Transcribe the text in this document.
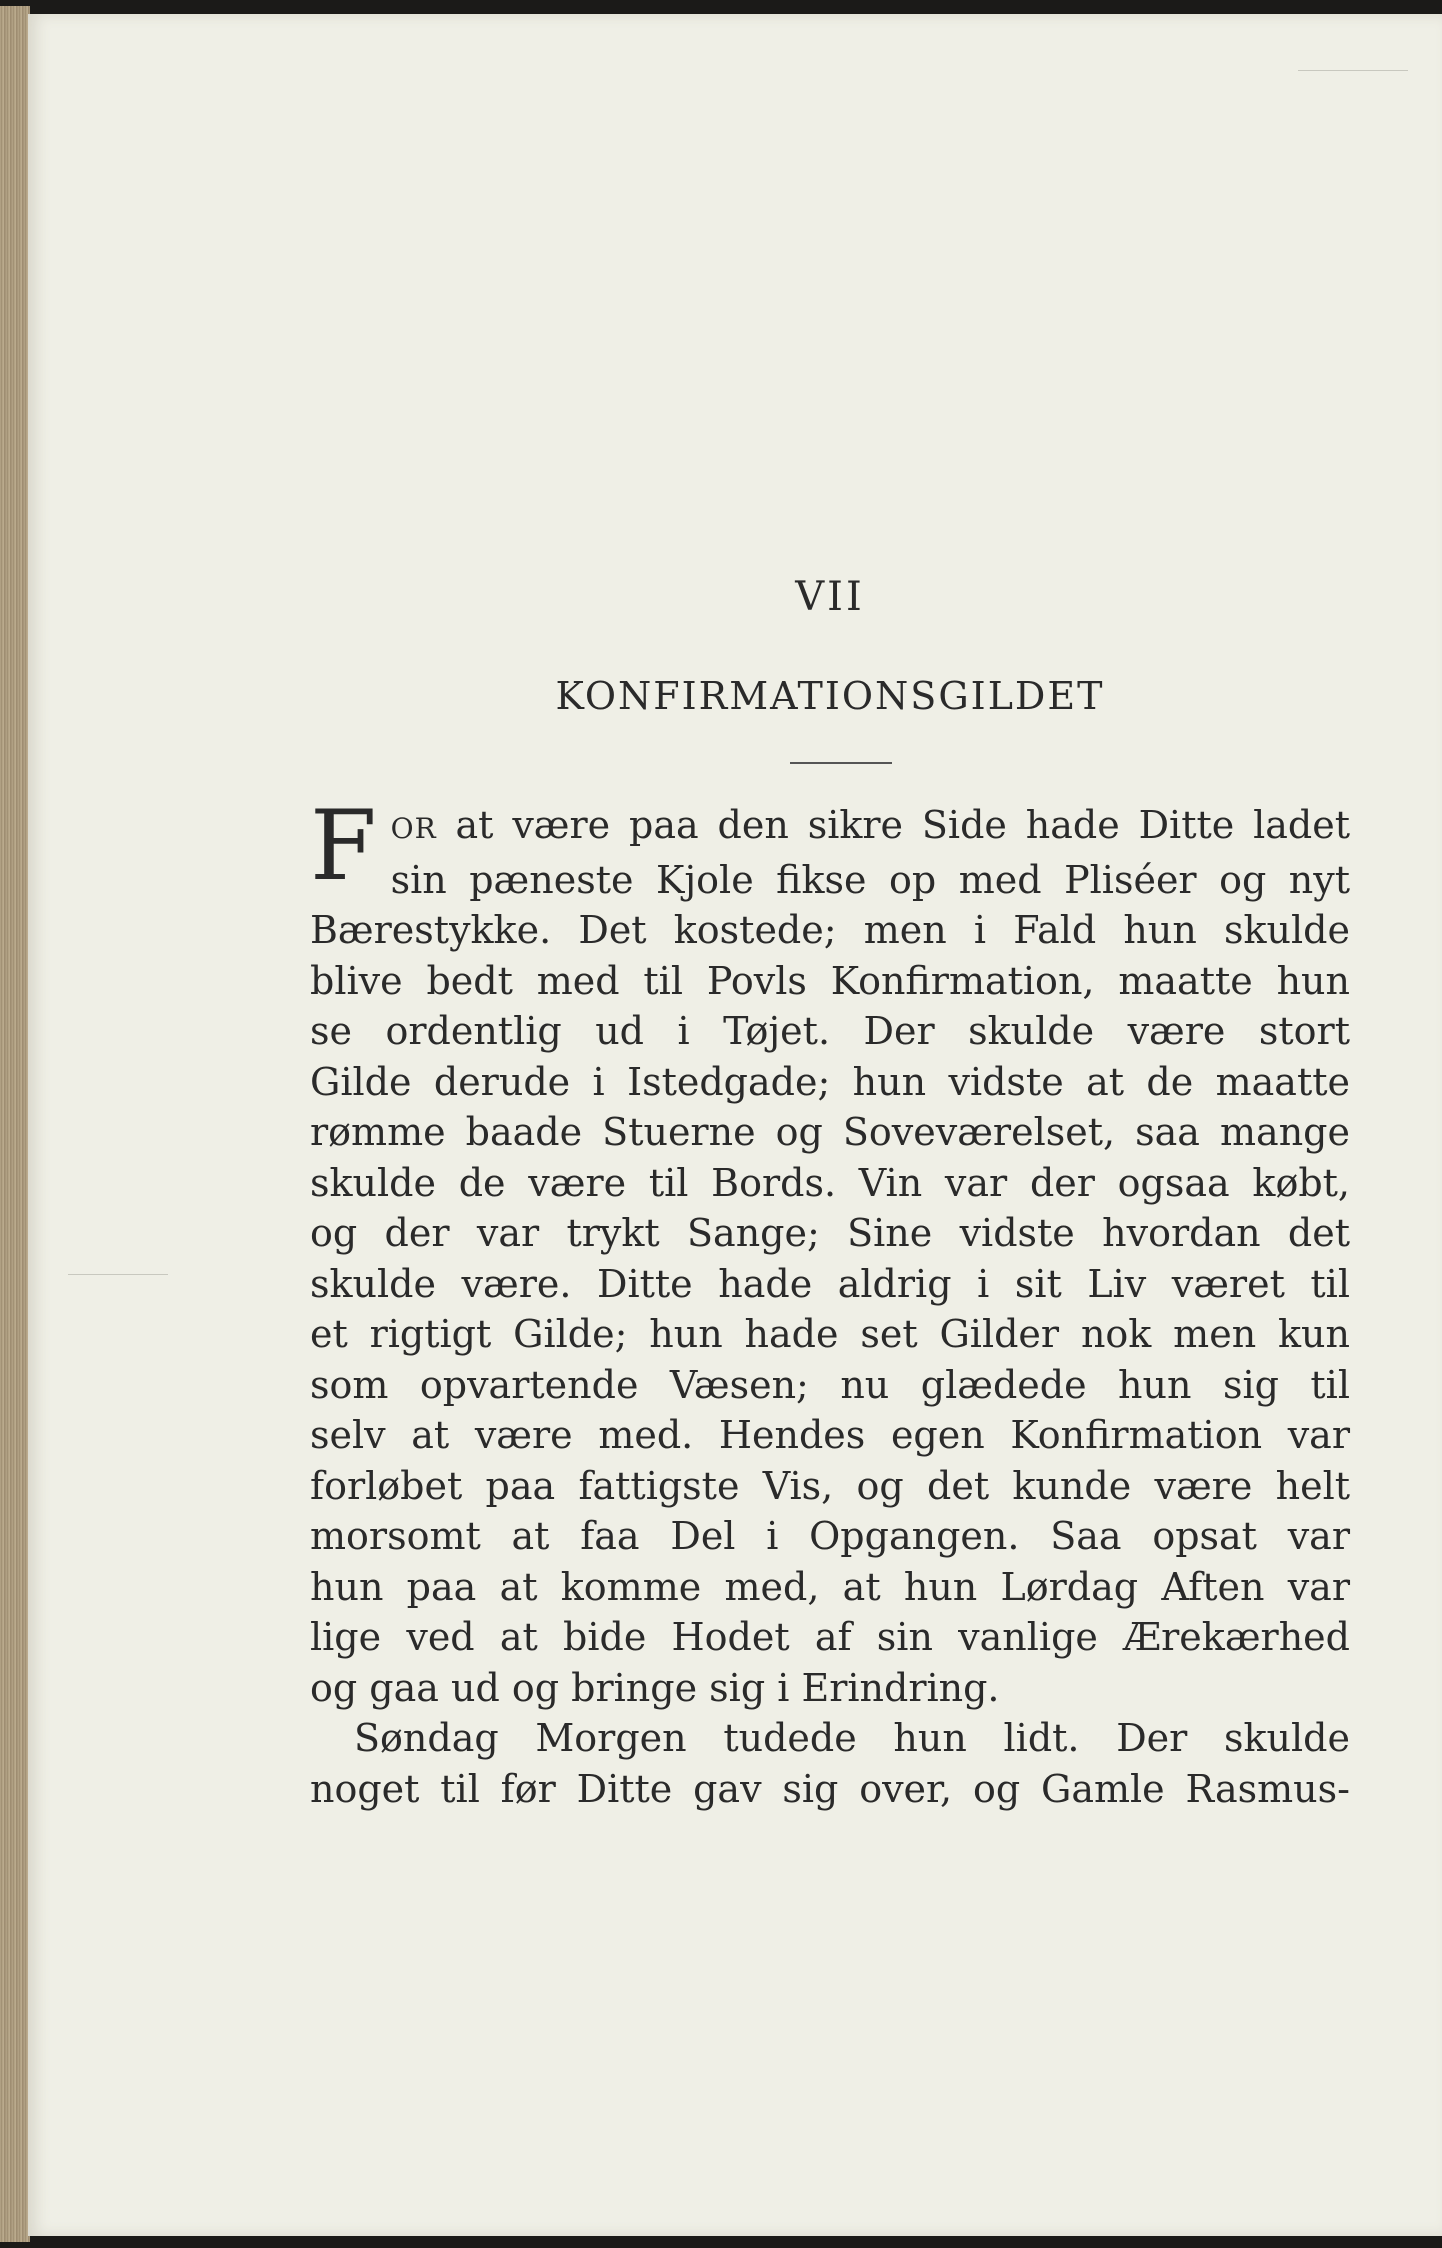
VII
KONFIRMATIONSGILDET
F OR at være paa den sikre Side hade Ditte ladet
sin pæneste Kjole fikse op med Pliséer og nyt
Bærestykke. Det kostede; men i Fald hun skulde
blive bedt med til Povls Konfirmation, maatte hun
se ordentlig ud i Tøjet. Der skulde være stort
Gilde derude i Istedgade; hun vidste at de maatte
rømme baade Stuerne og Soveværelset, saa mange
skulde de være til Bords. Vin var der ogsaa købt,
og der var trykt Sange; Sine vidste hvordan det
skulde være. Ditte hade aldrig i sit Liv været til
et rigtigt Gilde; hun hade set Gilder nok men kun
som opvartende Væsen; nu glædede hun sig til
selv at være med. Hendes egen Konfirmation var
forløbet paa fattigste Vis, og det kunde være helt
morsomt at faa Del i Opgangen. Saa opsat var
hun paa at komme med, at hun Lørdag Aften var
lige ved at bide Hodet af sin vanlige Ærekærhed
og gaa ud og bringe sig i Erindring.
Søndag Morgen tudede hun lidt. Der skulde
noget til før Ditte gav sig over, og Gamle Rasmus-
